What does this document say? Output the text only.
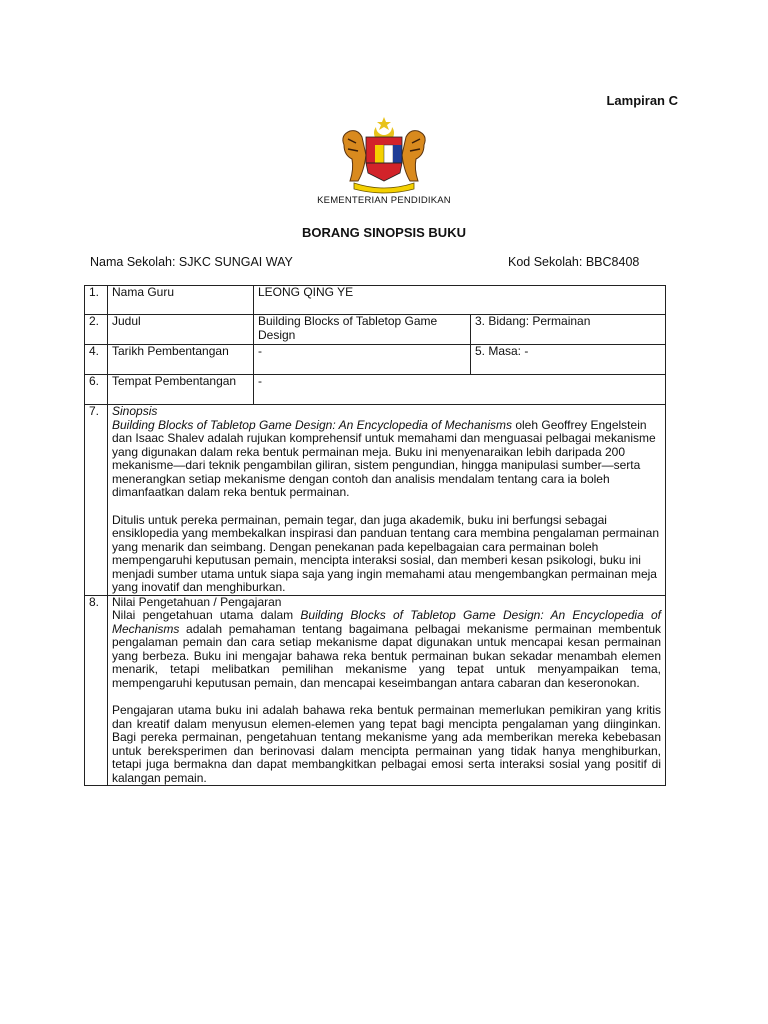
Lampiran C
KEMENTERIAN PENDIDIKAN
BORANG SINOPSIS BUKU
Nama Sekolah: SJKC SUNGAI WAY	Kod Sekolah: BBC8408
1.	Nama Guru	LEONG QING YE	
2.	Judul	Building Blocks of Tabletop Game Design	3. Bidang: Permainan
4.	Tarikh Pembentangan	-	5. Masa: -
6.	Tempat Pembentangan	-	
7.	Sinopsis

Building Blocks of Tabletop Game Design: An Encyclopedia of Mechanisms oleh Geoffrey Engelstein dan Isaac Shalev adalah rujukan komprehensif untuk memahami dan menguasai pelbagai mekanisme yang digunakan dalam reka bentuk permainan meja. Buku ini menyenaraikan lebih daripada 200 mekanisme—dari teknik pengambilan giliran, sistem pengundian, hingga manipulasi sumber—serta menerangkan setiap mekanisme dengan contoh dan analisis mendalam tentang cara ia boleh dimanfaatkan dalam reka bentuk permainan.

Ditulis untuk pereka permainan, pemain tegar, dan juga akademik, buku ini berfungsi sebagai ensiklopedia yang membekalkan inspirasi dan panduan tentang cara membina pengalaman permainan yang menarik dan seimbang. Dengan penekanan pada kepelbagaian cara permainan boleh mempengaruhi keputusan pemain, mencipta interaksi sosial, dan memberi kesan psikologi, buku ini menjadi sumber utama untuk siapa saja yang ingin memahami atau mengembangkan permainan meja yang inovatif dan menghiburkan.		

8.	Nilai Pengetahuan / Pengajaran

Nilai pengetahuan utama dalam Building Blocks of Tabletop Game Design: An Encyclopedia of Mechanisms adalah pemahaman tentang bagaimana pelbagai mekanisme permainan membentuk pengalaman pemain dan cara setiap mekanisme dapat digunakan untuk mencapai kesan permainan yang berbeza. Buku ini mengajar bahawa reka bentuk permainan bukan sekadar menambah elemen menarik, tetapi melibatkan pemilihan mekanisme yang tepat untuk menyampaikan tema, mempengaruhi keputusan pemain, dan mencapai keseimbangan antara cabaran dan keseronokan.

Pengajaran utama buku ini adalah bahawa reka bentuk permainan memerlukan pemikiran yang kritis dan kreatif dalam menyusun elemen-elemen yang tepat bagi mencipta pengalaman yang diinginkan. Bagi pereka permainan, pengetahuan tentang mekanisme yang ada memberikan mereka kebebasan untuk bereksperimen dan berinovasi dalam mencipta permainan yang tidak hanya menghiburkan, tetapi juga bermakna dan dapat membangkitkan pelbagai emosi serta interaksi sosial yang positif di kalangan pemain.		
